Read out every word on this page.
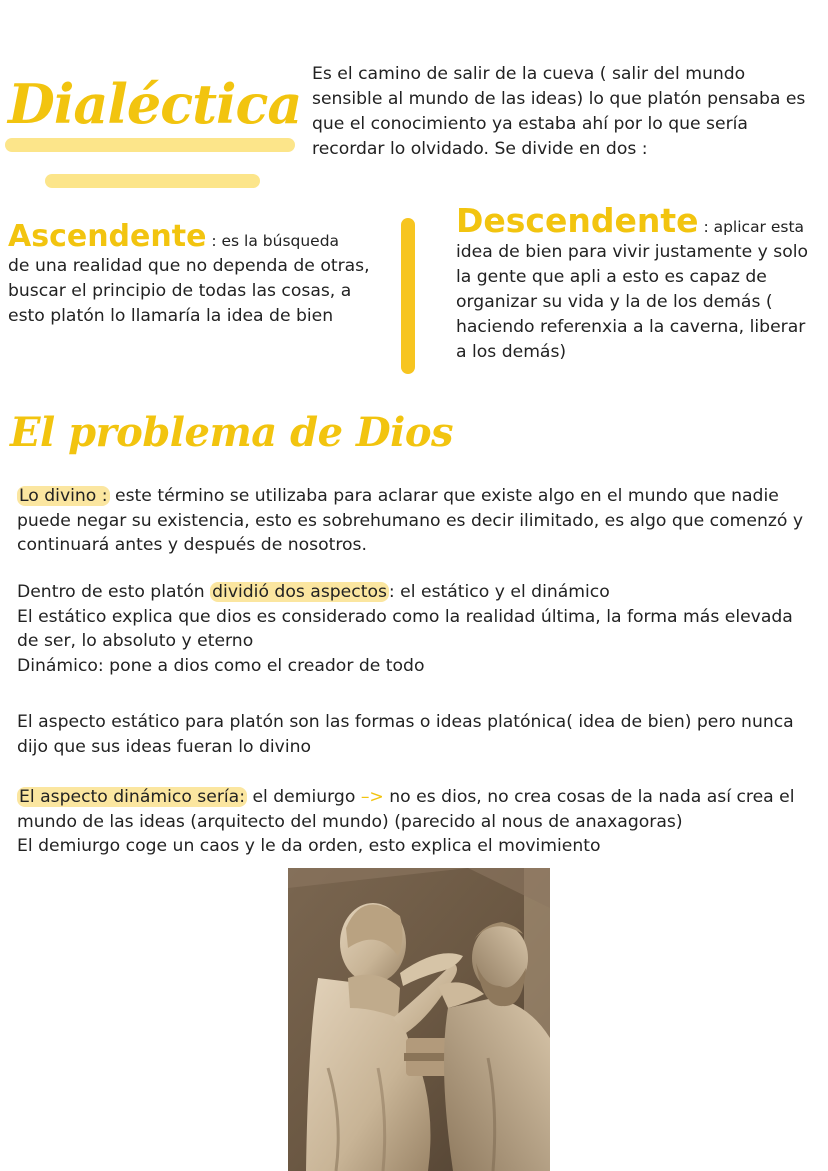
Dialéctica Es el camino de salir de la cueva ( salir del mundo sensible al mundo de las ideas) lo que platón pensaba es que el conocimiento ya estaba ahí por lo que sería recordar lo olvidado. Se divide en dos :

Ascendente : es la búsqueda
de una realidad que no dependa de otras, buscar el principio de todas las cosas, a esto platón lo llamaría la idea de bien

Descendente : aplicar esta
idea de bien para vivir justamente y solo la gente que apli a esto es capaz de organizar su vida y la de los demás ( haciendo referenxia a la caverna, liberar a los demás)

El problema de Dios

Lo divino : este término se utilizaba para aclarar que existe algo en el mundo que nadie puede negar su existencia, esto es sobrehumano es decir ilimitado, es algo que comenzó y continuará antes y después de nosotros.

Dentro de esto platón dividió dos aspectos : el estático y el dinámico
El estático explica que dios es considerado como la realidad última, la forma más elevada de ser, lo absoluto y eterno
Dinámico: pone a dios como el creador de todo

El aspecto estático para platón son las formas o ideas platónica( idea de bien) pero nunca dijo que sus ideas fueran lo divino

El aspecto dinámico sería: el demiurgo –> no es dios, no crea cosas de la nada así crea el mundo de las ideas (arquitecto del mundo) (parecido al nous de anaxagoras)
El demiurgo coge un caos y le da orden, esto explica el movimiento
